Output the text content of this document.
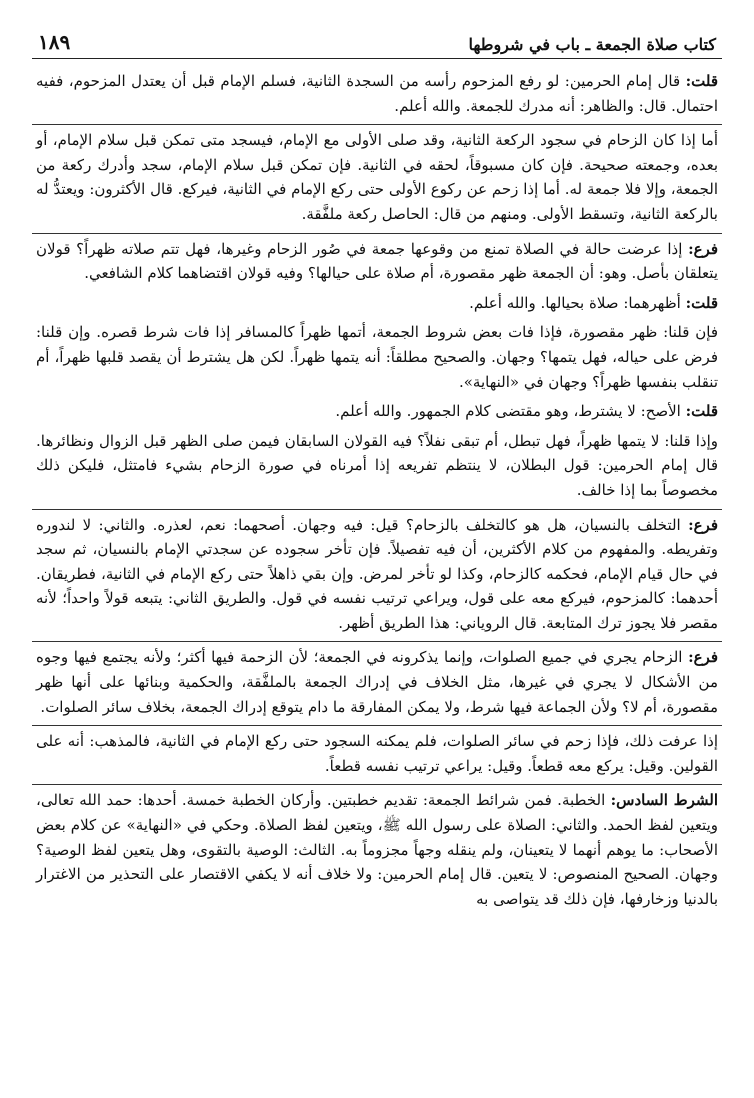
كتاب صلاة الجمعة ـ باب في شروطها
١٨٩

قلت: قال إمام الحرمين: لو رفع المزحوم رأسه من السجدة الثانية، فسلم الإمام قبل أن يعتدل المزحوم، ففيه احتمال. قال: والظاهر: أنه مدرك للجمعة. والله أعلم.

أما إذا كان الزحام في سجود الركعة الثانية، وقد صلى الأولى مع الإمام، فيسجد متى تمكن قبل سلام الإمام، أو بعده، وجمعته صحيحة. فإن كان مسبوقاً، لحقه في الثانية. فإن تمكن قبل سلام الإمام، سجد وأدرك ركعة من الجمعة، وإلا فلا جمعة له. أما إذا زحم عن ركوع الأولى حتى ركع الإمام في الثانية، فيركع. قال الأكثرون: ويعتدُّ له بالركعة الثانية، وتسقط الأولى. ومنهم من قال: الحاصل ركعة ملفَّقة.

فرع: إذا عرضت حالة في الصلاة تمنع من وقوعها جمعة في صُور الزحام وغيرها، فهل تتم صلاته ظهراً؟ قولان يتعلقان بأصل. وهو: أن الجمعة ظهر مقصورة، أم صلاة على حيالها؟ وفيه قولان اقتضاهما كلام الشافعي.

قلت: أظهرهما: صلاة بحيالها. والله أعلم.

فإن قلنا: ظهر مقصورة، فإذا فات بعض شروط الجمعة، أتمها ظهراً كالمسافر إذا فات شرط قصره. وإن قلنا: فرض على حياله، فهل يتمها؟ وجهان. والصحيح مطلقاً: أنه يتمها ظهراً. لكن هل يشترط أن يقصد قلبها ظهراً، أم تنقلب بنفسها ظهراً؟ وجهان في «النهاية».

قلت: الأصح: لا يشترط، وهو مقتضى كلام الجمهور. والله أعلم.

وإذا قلنا: لا يتمها ظهراً، فهل تبطل، أم تبقى نفلاً؟ فيه القولان السابقان فيمن صلى الظهر قبل الزوال ونظائرها. قال إمام الحرمين: قول البطلان، لا ينتظم تفريعه إذا أمرناه في صورة الزحام بشيء فامتثل، فليكن ذلك مخصوصاً بما إذا خالف.

فرع: التخلف بالنسيان، هل هو كالتخلف بالزحام؟ قيل: فيه وجهان. أصحهما: نعم، لعذره. والثاني: لا لندوره وتفريطه. والمفهوم من كلام الأكثرين، أن فيه تفصيلاً. فإن تأخر سجوده عن سجدتي الإمام بالنسيان، ثم سجد في حال قيام الإمام، فحكمه كالزحام، وكذا لو تأخر لمرض. وإن بقي ذاهلاً حتى ركع الإمام في الثانية، فطريقان. أحدهما: كالمزحوم، فيركع معه على قول، ويراعي ترتيب نفسه في قول. والطريق الثاني: يتبعه قولاً واحداً؛ لأنه مقصر فلا يجوز ترك المتابعة. قال الروياني: هذا الطريق أظهر.

فرع: الزحام يجري في جميع الصلوات، وإنما يذكرونه في الجمعة؛ لأن الزحمة فيها أكثر؛ ولأنه يجتمع فيها وجوه من الأشكال لا يجري في غيرها، مثل الخلاف في إدراك الجمعة بالملفَّقة، والحكمية وبنائها على أنها ظهر مقصورة، أم لا؟ ولأن الجماعة فيها شرط، ولا يمكن المفارقة ما دام يتوقع إدراك الجمعة، بخلاف سائر الصلوات.

إذا عرفت ذلك، فإذا زحم في سائر الصلوات، فلم يمكنه السجود حتى ركع الإمام في الثانية، فالمذهب: أنه على القولين. وقيل: يركع معه قطعاً. وقيل: يراعي ترتيب نفسه قطعاً.

الشرط السادس: الخطبة. فمن شرائط الجمعة: تقديم خطبتين. وأركان الخطبة خمسة. أحدها: حمد الله تعالى، ويتعين لفظ الحمد. والثاني: الصلاة على رسول الله ﷺ، ويتعين لفظ الصلاة. وحكي في «النهاية» عن كلام بعض الأصحاب: ما يوهم أنهما لا يتعينان، ولم ينقله وجهاً مجزوماً به. الثالث: الوصية بالتقوى، وهل يتعين لفظ الوصية؟ وجهان. الصحيح المنصوص: لا يتعين. قال إمام الحرمين: ولا خلاف أنه لا يكفي الاقتصار على التحذير من الاغترار بالدنيا وزخارفها، فإن ذلك قد يتواصى به
